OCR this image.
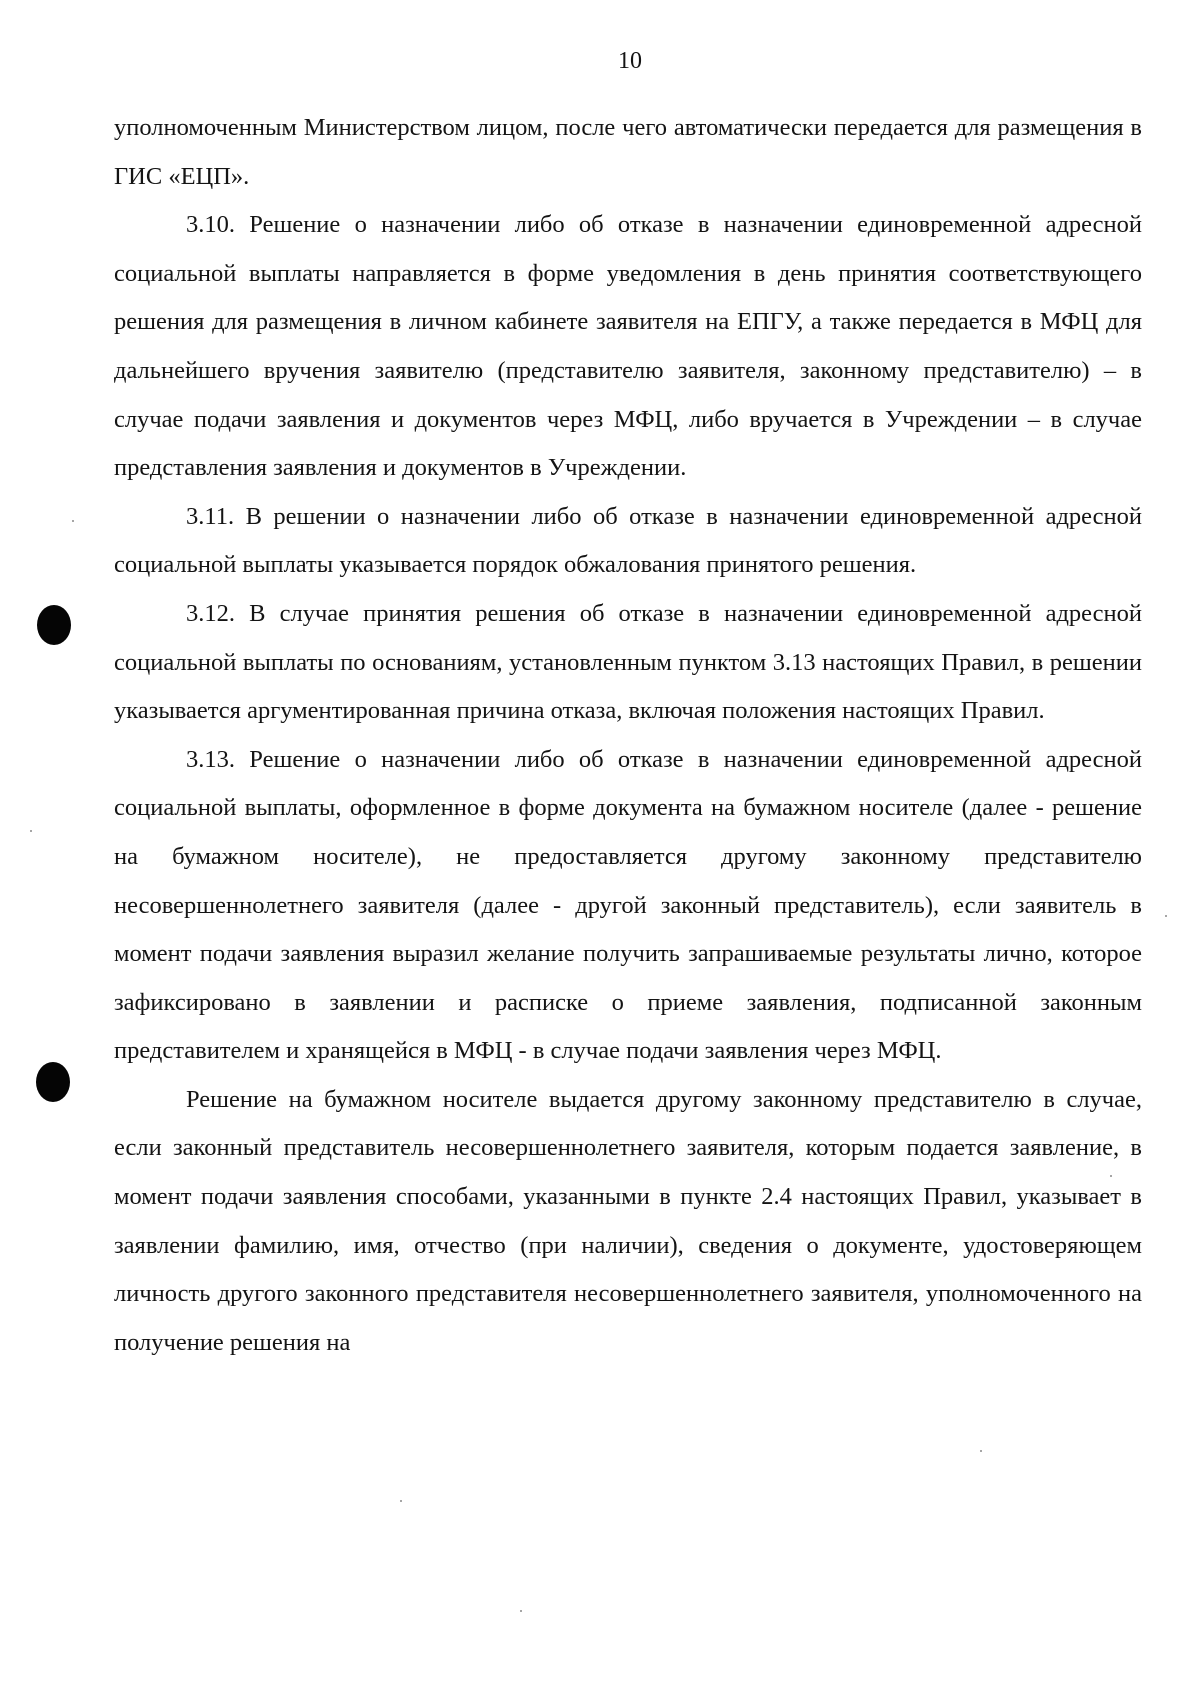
10

уполномоченным Министерством лицом, после чего автоматически передается для размещения в ГИС «ЕЦП».

3.10. Решение о назначении либо об отказе в назначении единовременной адресной социальной выплаты направляется в форме уведомления в день принятия соответствующего решения для размещения в личном кабинете заявителя на ЕПГУ, а также передается в МФЦ для дальнейшего вручения заявителю (представителю заявителя, законному представителю) – в случае подачи заявления и документов через МФЦ, либо вручается в Учреждении – в случае представления заявления и документов в Учреждении.

3.11. В решении о назначении либо об отказе в назначении единовременной адресной социальной выплаты указывается порядок обжалования принятого решения.

3.12. В случае принятия решения об отказе в назначении единовременной адресной социальной выплаты по основаниям, установленным пунктом 3.13 настоящих Правил, в решении указывается аргументированная причина отказа, включая положения настоящих Правил.

3.13. Решение о назначении либо об отказе в назначении единовременной адресной социальной выплаты, оформленное в форме документа на бумажном носителе (далее - решение на бумажном носителе), не предоставляется другому законному представителю несовершеннолетнего заявителя (далее - другой законный представитель), если заявитель в момент подачи заявления выразил желание получить запрашиваемые результаты лично, которое зафиксировано в заявлении и расписке о приеме заявления, подписанной законным представителем и хранящейся в МФЦ - в случае подачи заявления через МФЦ.

Решение на бумажном носителе выдается другому законному представителю в случае, если законный представитель несовершеннолетнего заявителя, которым подается заявление, в момент подачи заявления способами, указанными в пункте 2.4 настоящих Правил, указывает в заявлении фамилию, имя, отчество (при наличии), сведения о документе, удостоверяющем личность другого законного представителя несовершеннолетнего заявителя, уполномоченного на получение решения на
